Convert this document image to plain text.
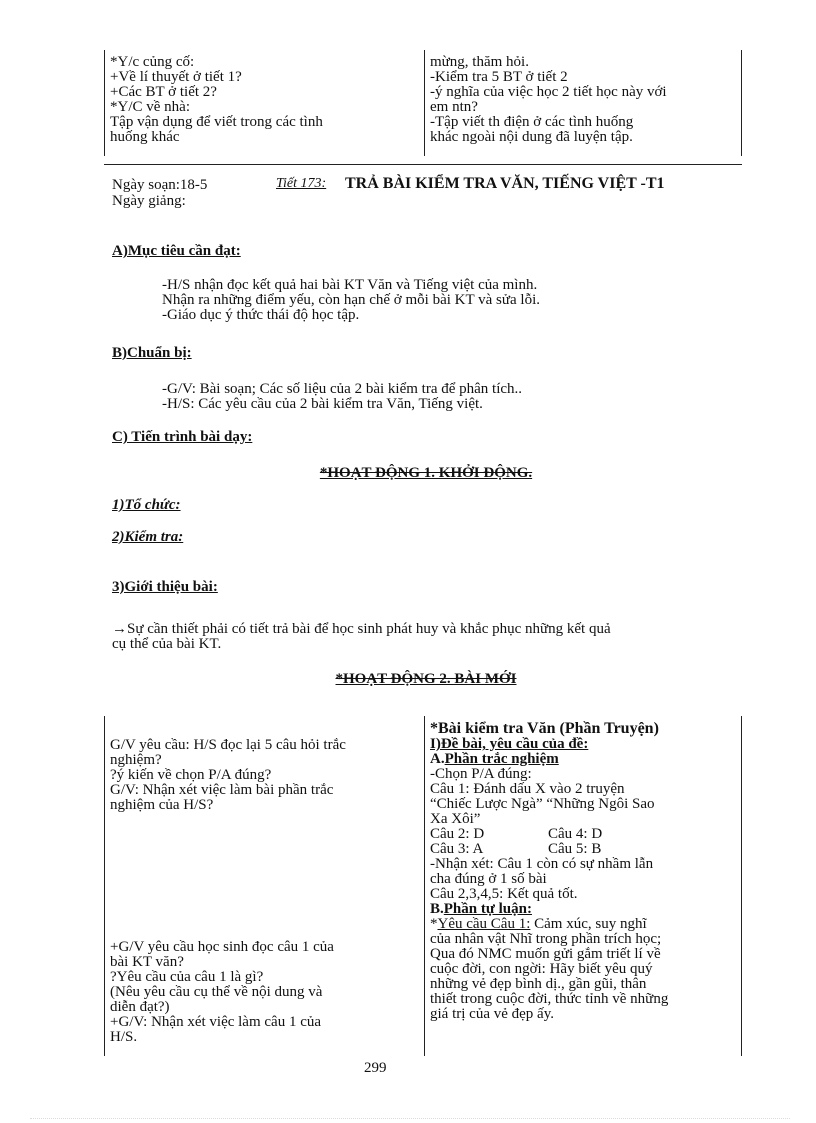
*Y/c củng cố:
+Về lí thuyết ở tiết 1?
+Các BT ở tiết 2?
*Y/C về nhà:
Tập vận dụng để viết trong các tình
huống khác
mừng, thăm hỏi.
-Kiểm tra 5 BT ở tiết 2
-ý nghĩa của việc học 2 tiết học này với
em ntn?
-Tập viết th điện ở các tình huống
khác ngoài nội dung đã luyện tập.
Ngày soạn:18-5
Ngày giảng:
Tiết 173: TRẢ BÀI KIỂM TRA VĂN, TIẾNG VIỆT -T1
A)Mục tiêu cần đạt:
-H/S nhận đọc kết quả hai bài KT Văn và Tiếng việt của mình.
Nhận ra những điểm yếu, còn hạn chế ở mỗi bài KT và sửa lỗi.
-Giáo dục ý thức thái độ học tập.
B)Chuẩn bị:
-G/V: Bài soạn; Các số liệu của 2 bài kiểm tra để phân tích..
-H/S: Các yêu cầu của 2 bài kiểm tra Văn, Tiếng việt.
C) Tiến trình bài dạy:
*HOẠT ĐỘNG 1. KHỞI ĐỘNG.
1)Tổ chức:
2)Kiểm tra:
3)Giới thiệu bài:
→Sự cần thiết phải có tiết trả bài để học sinh phát huy và khắc phục những kết quả
cụ thể của bài KT.
*HOẠT ĐỘNG 2. BÀI MỚI
G/V yêu cầu: H/S đọc lại 5 câu hỏi trắc
nghiệm?
?ý kiến về chọn P/A đúng?
G/V: Nhận xét việc làm bài phần trắc
nghiệm của H/S?
+G/V yêu cầu học sinh đọc câu 1 của
bài KT văn?
?Yêu cầu của câu 1 là gì?
(Nêu yêu cầu cụ thể về nội dung và
diễn đạt?)
+G/V: Nhận xét việc làm câu 1 của
H/S.
*Bài kiểm tra Văn (Phần Truyện)
I)Đề bài, yêu cầu của đề:
A.Phần trắc nghiệm
-Chọn P/A đúng:
Câu 1: Đánh dấu X vào 2 truyện
“Chiếc Lược Ngà” “Những Ngôi Sao
Xa Xôi”
Câu 2: D	Câu 4: D
Câu 3: A	Câu 5: B
-Nhận xét: Câu 1 còn có sự nhầm lẫn
cha đúng ở 1 số bài
Câu 2,3,4,5: Kết quả tốt.
B.Phần tự luận:
*Yêu cầu Câu 1: Cảm xúc, suy nghĩ
của nhân vật Nhĩ trong phần trích học;
Qua đó NMC muốn gửi gắm triết lí về
cuộc đời, con ngời: Hãy biết yêu quý
những vẻ đẹp bình dị., gần gũi, thân
thiết trong cuộc đời, thức tỉnh về những
giá trị của vẻ đẹp ấy.
299
